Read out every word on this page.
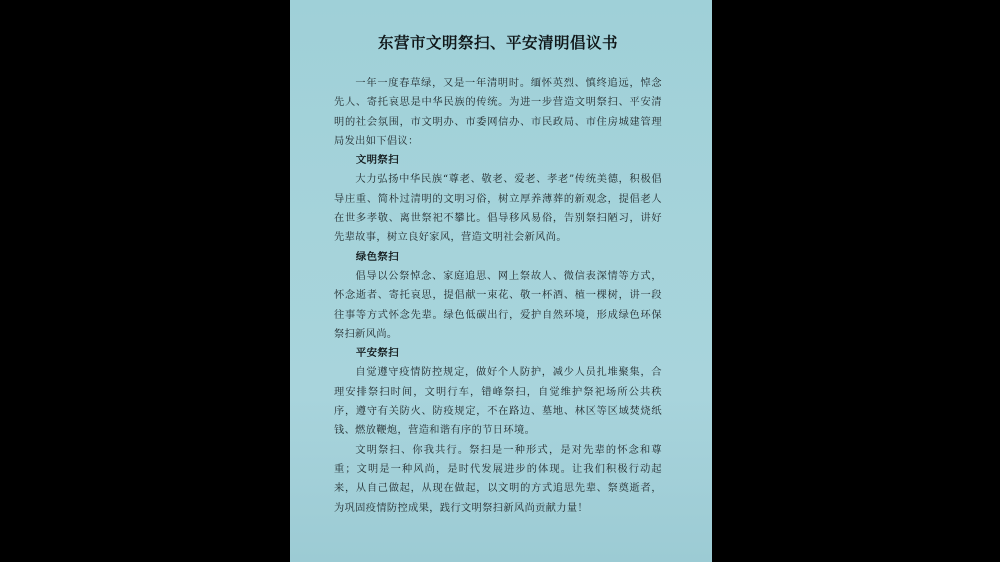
东营市文明祭扫、平安清明倡议书

一年一度春草绿，又是一年清明时。缅怀英烈、慎终追远，悼念先人、寄托哀思是中华民族的传统。为进一步营造文明祭扫、平安清明的社会氛围，市文明办、市委网信办、市民政局、市住房城建管理局发出如下倡议：

文明祭扫

大力弘扬中华民族“尊老、敬老、爱老、孝老”传统美德，积极倡导庄重、简朴过清明的文明习俗，树立厚养薄葬的新观念，提倡老人在世多孝敬、离世祭祀不攀比。倡导移风易俗，告别祭扫陋习，讲好先辈故事，树立良好家风，营造文明社会新风尚。

绿色祭扫

倡导以公祭悼念、家庭追思、网上祭故人、微信表深情等方式，怀念逝者、寄托哀思，提倡献一束花、敬一杯酒、植一棵树，讲一段往事等方式怀念先辈。绿色低碳出行，爱护自然环境，形成绿色环保祭扫新风尚。

平安祭扫

自觉遵守疫情防控规定，做好个人防护，减少人员扎堆聚集，合理安排祭扫时间，文明行车，错峰祭扫，自觉维护祭祀场所公共秩序，遵守有关防火、防疫规定，不在路边、墓地、林区等区域焚烧纸钱、燃放鞭炮，营造和谐有序的节日环境。

文明祭扫、你我共行。祭扫是一种形式，是对先辈的怀念和尊重；文明是一种风尚，是时代发展进步的体现。让我们积极行动起来，从自己做起，从现在做起，以文明的方式追思先辈、祭奠逝者，为巩固疫情防控成果，践行文明祭扫新风尚贡献力量！
